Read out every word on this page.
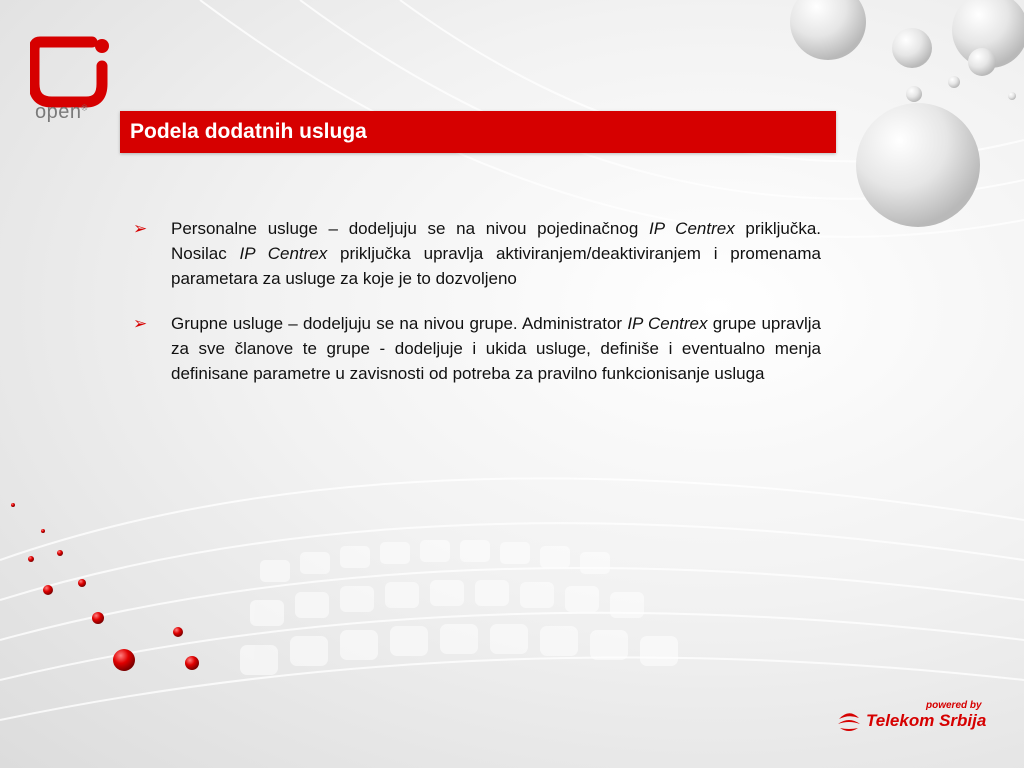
open®
Podela dodatnih usluga
➢ Personalne usluge – dodeljuju se na nivou pojedinačnog IP Centrex priključka. Nosilac IP Centrex priključka upravlja aktiviranjem/deaktiviranjem i promenama parametara za usluge za koje je to dozvoljeno
➢ Grupne usluge – dodeljuju se na nivou grupe. Administrator IP Centrex grupe upravlja za sve članove te grupe - dodeljuje i ukida usluge, definiše i eventualno menja definisane parametre u zavisnosti od potreba za pravilno funkcionisanje usluga
powered by
Telekom Srbija
